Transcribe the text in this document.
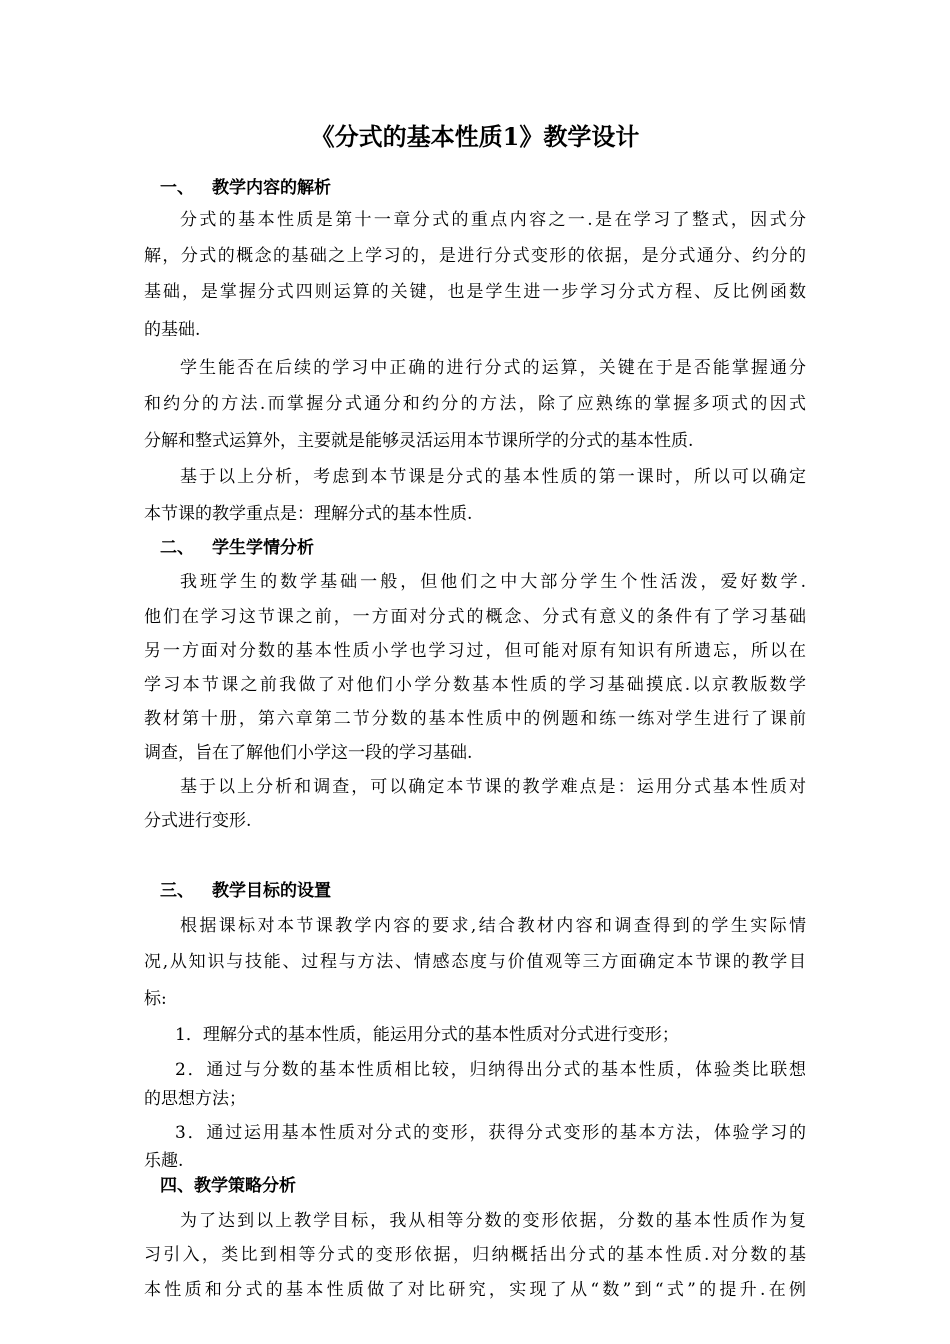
《分式的基本性质1》教学设计
一、 教学内容的解析
分式的基本性质是第十一章分式的重点内容之一.是在学习了整式，因式分
解，分式的概念的基础之上学习的，是进行分式变形的依据，是分式通分、约分的
基础，是掌握分式四则运算的关键，也是学生进一步学习分式方程、反比例函数
的基础.
学生能否在后续的学习中正确的进行分式的运算，关键在于是否能掌握通分
和约分的方法.而掌握分式通分和约分的方法，除了应熟练的掌握多项式的因式
分解和整式运算外，主要就是能够灵活运用本节课所学的分式的基本性质.
基于以上分析，考虑到本节课是分式的基本性质的第一课时，所以可以确定
本节课的教学重点是：理解分式的基本性质.
二、 学生学情分析
我班学生的数学基础一般，但他们之中大部分学生个性活泼，爱好数学.
他们在学习这节课之前，一方面对分式的概念、分式有意义的条件有了学习基础
另一方面对分数的基本性质小学也学习过，但可能对原有知识有所遗忘，所以在
学习本节课之前我做了对他们小学分数基本性质的学习基础摸底.以京教版数学
教材第十册，第六章第二节分数的基本性质中的例题和练一练对学生进行了课前
调查，旨在了解他们小学这一段的学习基础.
基于以上分析和调查，可以确定本节课的教学难点是：运用分式基本性质对
分式进行变形.
三、 教学目标的设置
根据课标对本节课教学内容的要求,结合教材内容和调查得到的学生实际情
况,从知识与技能、过程与方法、情感态度与价值观等三方面确定本节课的教学目
标:
1．理解分式的基本性质，能运用分式的基本性质对分式进行变形；
2．通过与分数的基本性质相比较，归纳得出分式的基本性质，体验类比联想
的思想方法；
3．通过运用基本性质对分式的变形，获得分式变形的基本方法，体验学习的
乐趣.
四、教学策略分析
为了达到以上教学目标，我从相等分数的变形依据，分数的基本性质作为复
习引入，类比到相等分式的变形依据，归纳概括出分式的基本性质.对分数的基
本性质和分式的基本性质做了对比研究，实现了从“数”到“式”的提升.在例
